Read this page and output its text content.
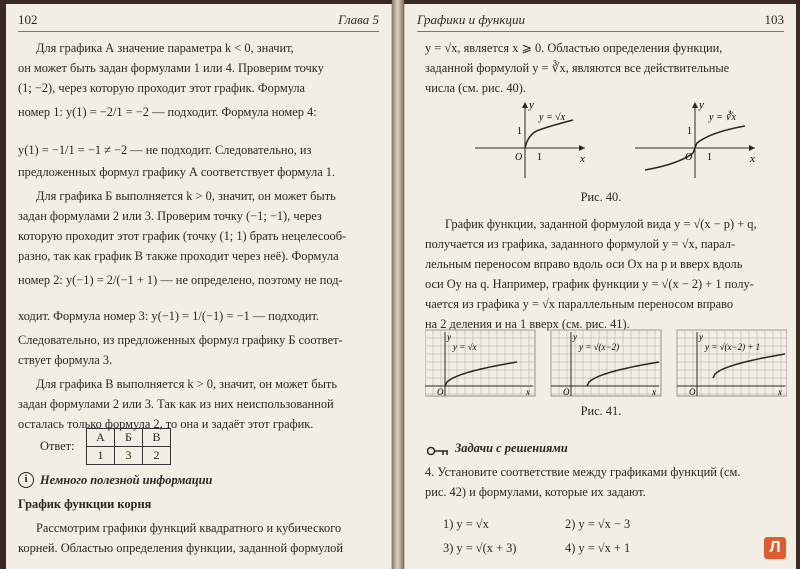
102	Глава 5
Для графика А значение параметра k < 0, значит,
он может быть задан формулами 1 или 4. Проверим точку
(1; −2), через которую проходит этот график. Формула
номер 1: y(1) = −2/1 = −2 — подходит. Формула номер 4:
y(1) = −1/1 = −1 ≠ −2 — не подходит. Следовательно, из
предложенных формул графику А соответствует формула 1.
Для графика Б выполняется k > 0, значит, он может быть
задан формулами 2 или 3. Проверим точку (−1; −1), через
которую проходит этот график (точку (1; 1) брать нецелесооб-
разно, так как график В также проходит через неё). Формула
номер 2: y(−1) = 2/(−1 + 1) — не определено, поэтому не под-
ходит. Формула номер 3: y(−1) = 1/(−1) = −1 — подходит.
Следовательно, из предложенных формул графику Б соответ-
ствует формула 3.
Для графика В выполняется k > 0, значит, он может быть
задан формулами 2 или 3. Так как из них неиспользованной
осталась только формула 2, то она и задаёт этот график.
Ответ:
А	Б	В
1	3	2
i	Немного полезной информации
График функции корня
Рассмотрим графики функций квадратного и кубического
корней. Областью определения функции, заданной формулой
Графики и функции	103
y = √x, является x ⩾ 0. Областью определения функции,
заданной формулой y = ∛x, являются все действительные
числа (см. рис. 40).
y
x
O
1
1
y = √x
y
x
O
1
1
y = ∛x
Рис. 40.
График функции, заданной формулой вида y = √(x − p) + q,
получается из графика, заданного формулой y = √x, парал-
лельным переносом вправо вдоль оси Ox на p и вверх вдоль
оси Oy на q. Например, график функции y = √(x − 2) + 1 полу-
чается из графика y = √x параллельным переносом вправо
на 2 деления и на 1 вверх (см. рис. 41).
y = √x
y
x
O
y = √(x−2)
y
x
O
y = √(x−2) + 1
y
x
O
Рис. 41.
Задачи с решениями
4. Установите соответствие между графиками функций (см.
рис. 42) и формулами, которые их задают.
1) y = √x	2) y = √x − 3
3) y = √(x + 3)	4) y = √x + 1	Л
